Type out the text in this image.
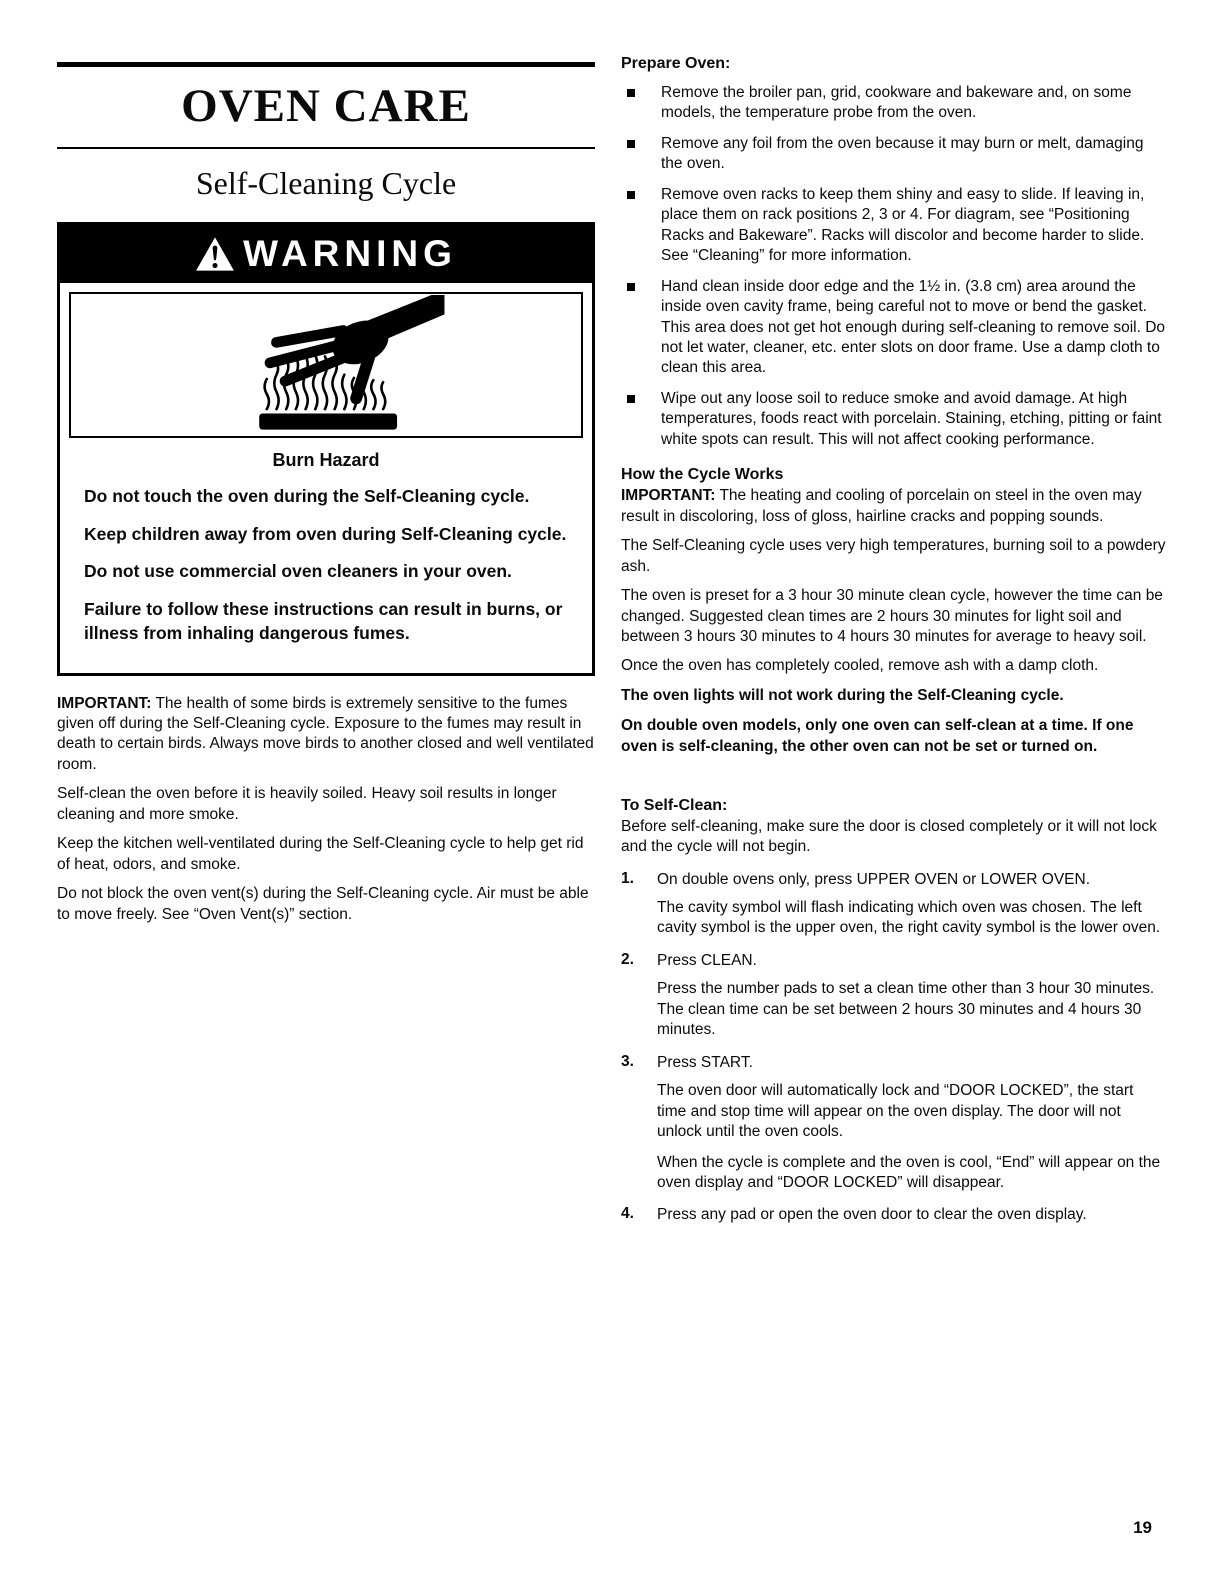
OVEN CARE
Self-Cleaning Cycle
WARNING
Burn Hazard

Do not touch the oven during the Self-Cleaning cycle.

Keep children away from oven during Self-Cleaning cycle.

Do not use commercial oven cleaners in your oven.

Failure to follow these instructions can result in burns, or illness from inhaling dangerous fumes.

IMPORTANT: The health of some birds is extremely sensitive to the fumes given off during the Self-Cleaning cycle. Exposure to the fumes may result in death to certain birds. Always move birds to another closed and well ventilated room.

Self-clean the oven before it is heavily soiled. Heavy soil results in longer cleaning and more smoke.

Keep the kitchen well-ventilated during the Self-Cleaning cycle to help get rid of heat, odors, and smoke.

Do not block the oven vent(s) during the Self-Cleaning cycle. Air must be able to move freely. See “Oven Vent(s)” section.

Prepare Oven:
Remove the broiler pan, grid, cookware and bakeware and, on some models, the temperature probe from the oven.
Remove any foil from the oven because it may burn or melt, damaging the oven.
Remove oven racks to keep them shiny and easy to slide. If leaving in, place them on rack positions 2, 3 or 4. For diagram, see “Positioning Racks and Bakeware”. Racks will discolor and become harder to slide. See “Cleaning” for more information.
Hand clean inside door edge and the 1½ in. (3.8 cm) area around the inside oven cavity frame, being careful not to move or bend the gasket. This area does not get hot enough during self-cleaning to remove soil. Do not let water, cleaner, etc. enter slots on door frame. Use a damp cloth to clean this area.
Wipe out any loose soil to reduce smoke and avoid damage. At high temperatures, foods react with porcelain. Staining, etching, pitting or faint white spots can result. This will not affect cooking performance.
How the Cycle Works

IMPORTANT: The heating and cooling of porcelain on steel in the oven may result in discoloring, loss of gloss, hairline cracks and popping sounds.

The Self-Cleaning cycle uses very high temperatures, burning soil to a powdery ash.

The oven is preset for a 3 hour 30 minute clean cycle, however the time can be changed. Suggested clean times are 2 hours 30 minutes for light soil and between 3 hours 30 minutes to 4 hours 30 minutes for average to heavy soil.

Once the oven has completely cooled, remove ash with a damp cloth.

The oven lights will not work during the Self-Cleaning cycle.

On double oven models, only one oven can self-clean at a time. If one oven is self-cleaning, the other oven can not be set or turned on.

To Self-Clean:

Before self-cleaning, make sure the door is closed completely or it will not lock and the cycle will not begin.

1.	On double ovens only, press UPPER OVEN or LOWER OVEN.

The cavity symbol will flash indicating which oven was chosen. The left cavity symbol is the upper oven, the right cavity symbol is the lower oven.

2.	Press CLEAN.

Press the number pads to set a clean time other than 3 hour 30 minutes. The clean time can be set between 2 hours 30 minutes and 4 hours 30 minutes.

3.	Press START.

The oven door will automatically lock and “DOOR LOCKED”, the start time and stop time will appear on the oven display. The door will not unlock until the oven cools.

When the cycle is complete and the oven is cool, “End” will appear on the oven display and “DOOR LOCKED” will disappear.

4.	Press any pad or open the oven door to clear the oven display.
19
